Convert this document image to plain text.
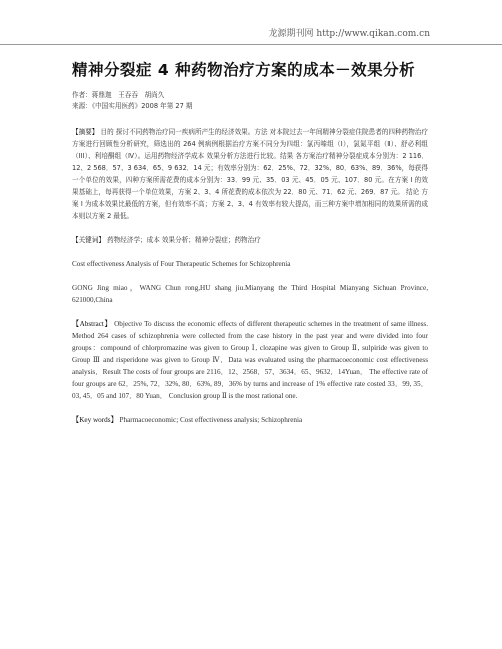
龙源期刊网 http://www.qikan.com.cn
精神分裂症 4 种药物治疗方案的成本－效果分析
作者：蒋鼎迦　王吞吞　胡尚久
来源：《中国实用医药》2008 年第 27 期
【摘要】 目的 探讨不同药物治疗同一疾病所产生的经济效果。方法 对本院过去一年间精神分裂症住院患者的四种药物治疗方案进行回顾性分析研究，筛选出的 264 例病例根据治疗方案不同分为四组：氯丙嗪组（I），氯氮平组（Ⅱ）、舒必利组（III）、利培酮组（Ⅳ）。运用药物经济学成本 效果分析方法进行比较。结果 各方案治疗精神分裂症成本分别为：2 116．12、2 568．57、3 634．65、9 632．14 元；有效率分别为：62．25%、72．32%、80．63%、89．36%，每获得一个单位的效果，四种方案所需花费的成本分别为：33．99 元、35．03 元、45．05 元、107．80 元。在方案 I 的效果基础上，每再获得一个单位效果，方案 2、3、4 所花费的成本依次为 22．80 元、71．62 元、269．87 元。 结论 方案 I 为成本效果比最低的方案，但有效率不高；方案 2、3、4 有效率有较大提高，而三种方案中增加相同的效果所需的成本则以方案 2 最低。
【关键词】 药物经济学；成本 效果分析；精神分裂症；药物治疗
Cost effectiveness Analysis of Four Therapeutic Schemes for Schizophrenia
GONG Jing miao，WANG Chun rong,HU shang jiu.Mianyang the Third Hospital Mianyang Sichuan Province, 621000,China
【Abstract】 Objective To discuss the economic effects of different therapeutic schemes in the treatment of same illness. Method 264 cases of schizophrenia were collected from the case history in the past year and were divided into four groups：compound of chlorpromazine was given to Group Ⅰ, clozapine was given to Group Ⅱ, sulpiride was given to Group Ⅲ and risperidone was given to Group Ⅳ．Data was evaluated using the pharmacoeconomic cost effectiveness analysis．Result The costs of four groups are 2116．12、2568．57、3634．65、9632．14Yuan． The effective rate of four groups are 62．25%, 72．32%, 80．63%, 89．36% by turns and increase of 1% effective rate costed 33．99, 35．03, 45．05 and 107．80 Yuan． Conclusion group Ⅱ is the most rational one.
【Key words】 Pharmacoeconomic; Cost effectiveness analysis; Schizophrenia
